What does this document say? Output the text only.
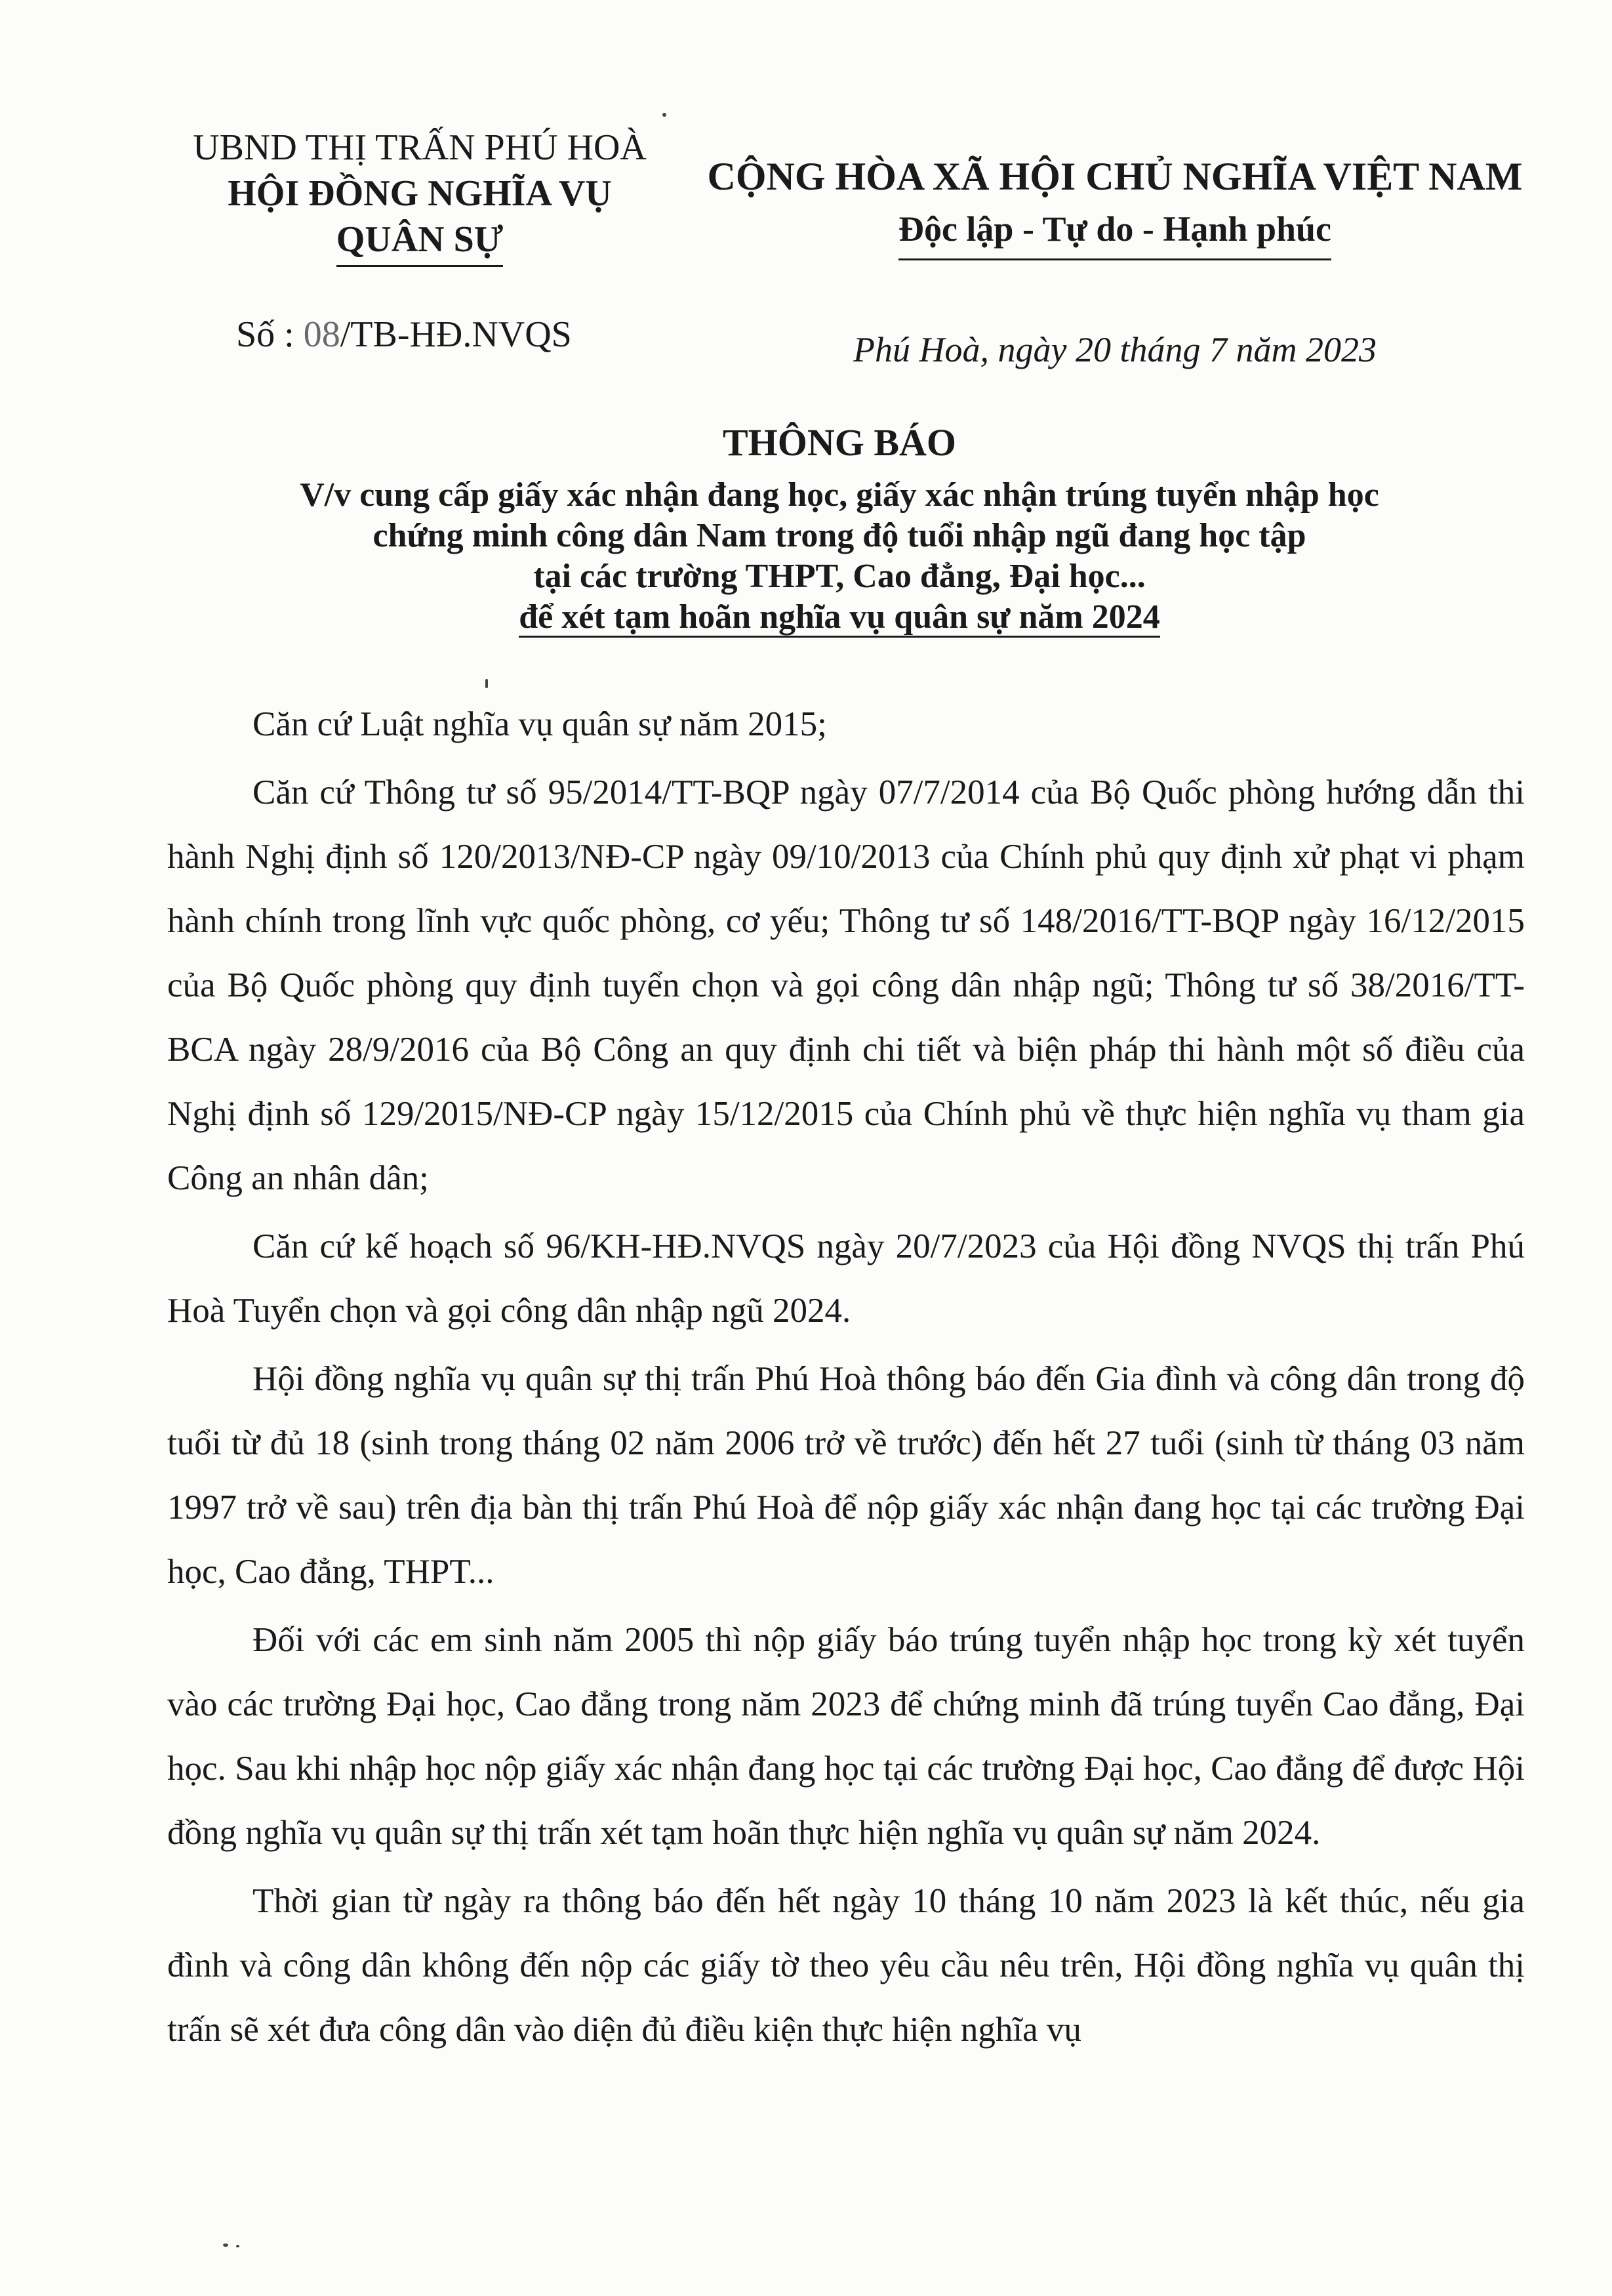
UBND THỊ TRẤN PHÚ HOÀ
HỘI ĐỒNG NGHĨA VỤ
QUÂN SỰ
CỘNG HÒA XÃ HỘI CHỦ NGHĨA VIỆT NAM
Độc lập - Tự do - Hạnh phúc
Số : 08/TB-HĐ.NVQS	Phú Hoà, ngày 20 tháng 7 năm 2023
THÔNG BÁO
V/v cung cấp giấy xác nhận đang học, giấy xác nhận trúng tuyển nhập học
chứng minh công dân Nam trong độ tuổi nhập ngũ đang học tập
tại các trường THPT, Cao đẳng, Đại học...
để xét tạm hoãn nghĩa vụ quân sự năm 2024

Căn cứ Luật nghĩa vụ quân sự năm 2015;

Căn cứ Thông tư số 95/2014/TT-BQP ngày 07/7/2014 của Bộ Quốc phòng hướng dẫn thi hành Nghị định số 120/2013/NĐ-CP ngày 09/10/2013 của Chính phủ quy định xử phạt vi phạm hành chính trong lĩnh vực quốc phòng, cơ yếu; Thông tư số 148/2016/TT-BQP ngày 16/12/2015 của Bộ Quốc phòng quy định tuyển chọn và gọi công dân nhập ngũ; Thông tư số 38/2016/TT-BCA ngày 28/9/2016 của Bộ Công an quy định chi tiết và biện pháp thi hành một số điều của Nghị định số 129/2015/NĐ-CP ngày 15/12/2015 của Chính phủ về thực hiện nghĩa vụ tham gia Công an nhân dân;

Căn cứ kế hoạch số 96/KH-HĐ.NVQS ngày 20/7/2023 của Hội đồng NVQS thị trấn Phú Hoà Tuyển chọn và gọi công dân nhập ngũ 2024.

Hội đồng nghĩa vụ quân sự thị trấn Phú Hoà thông báo đến Gia đình và công dân trong độ tuổi từ đủ 18 (sinh trong tháng 02 năm 2006 trở về trước) đến hết 27 tuổi (sinh từ tháng 03 năm 1997 trở về sau) trên địa bàn thị trấn Phú Hoà để nộp giấy xác nhận đang học tại các trường Đại học, Cao đẳng, THPT...

Đối với các em sinh năm 2005 thì nộp giấy báo trúng tuyển nhập học trong kỳ xét tuyển vào các trường Đại học, Cao đẳng trong năm 2023 để chứng minh đã trúng tuyển Cao đẳng, Đại học. Sau khi nhập học nộp giấy xác nhận đang học tại các trường Đại học, Cao đẳng để được Hội đồng nghĩa vụ quân sự thị trấn xét tạm hoãn thực hiện nghĩa vụ quân sự năm 2024.

Thời gian từ ngày ra thông báo đến hết ngày 10 tháng 10 năm 2023 là kết thúc, nếu gia đình và công dân không đến nộp các giấy tờ theo yêu cầu nêu trên, Hội đồng nghĩa vụ quân thị trấn sẽ xét đưa công dân vào diện đủ điều kiện thực hiện nghĩa vụ
